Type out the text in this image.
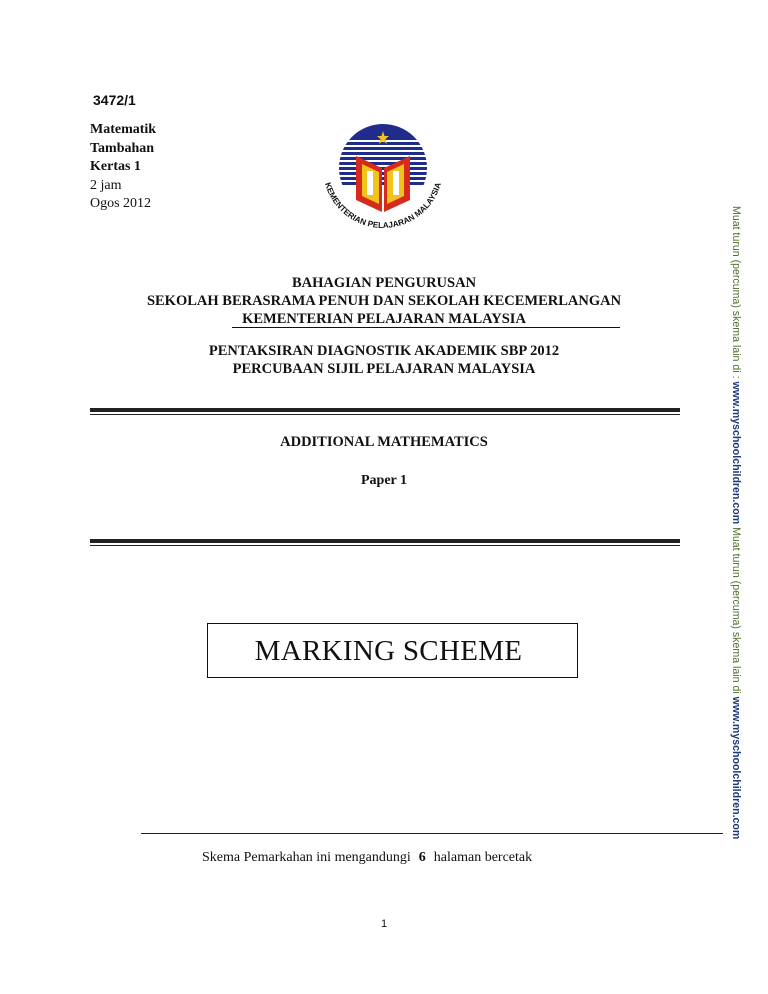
3472/1
Matematik
Tambahan
Kertas 1
2 jam
Ogos 2012
KEMENTERIAN PELAJARAN MALAYSIA
BAHAGIAN PENGURUSAN
SEKOLAH BERASRAMA PENUH DAN SEKOLAH KECEMERLANGAN
KEMENTERIAN PELAJARAN MALAYSIA
PENTAKSIRAN DIAGNOSTIK AKADEMIK SBP 2012
PERCUBAAN SIJIL PELAJARAN MALAYSIA
ADDITIONAL MATHEMATICS
Paper 1
MARKING SCHEME
Skema Pemarkahan ini mengandungi 6 halaman bercetak
1
Muat turun (percuma) skema lain di : www.myschoolchildren.com Muat turun (percuma) skema lain di www.myschoolchildren.com
